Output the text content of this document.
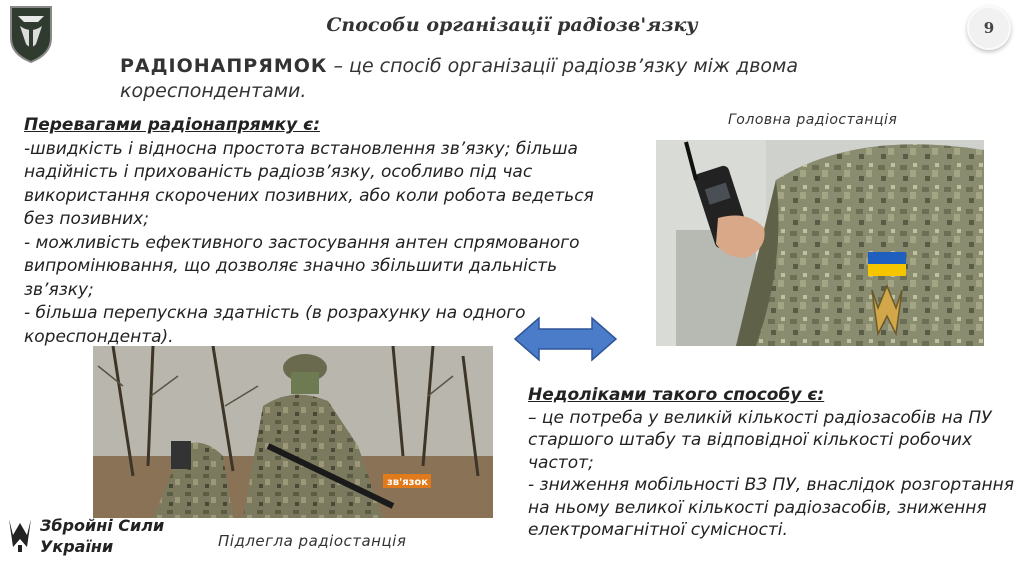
Способи організації радіозв'язку	9
РАДІОНАПРЯМОК – це спосіб організації радіозв’язку між двома кореспондентами.

Перевагами радіонапрямку є:

-швидкість і відносна простота встановлення зв’язку; більша надійність і прихованість радіозв’язку, особливо під час використання скорочених позивних, або коли робота ведеться без позивних;

- можливість ефективного застосування антен спрямованого випромінювання, що дозволяє значно збільшити дальність зв’язку;

- більша перепускна здатність (в розрахунку на одного кореспондента).

Головна радіостанція
зв'язок
Підлегла радіостанція

Недоліками такого способу є:

– це потреба у великій кількості радіозасобів на ПУ старшого штабу та відповідної кількості робочих частот;

- зниження мобільності ВЗ ПУ, внаслідок розгортання на ньому великої кількості радіозасобів, зниження електромагнітної сумісності.

Збройні Сили
України
